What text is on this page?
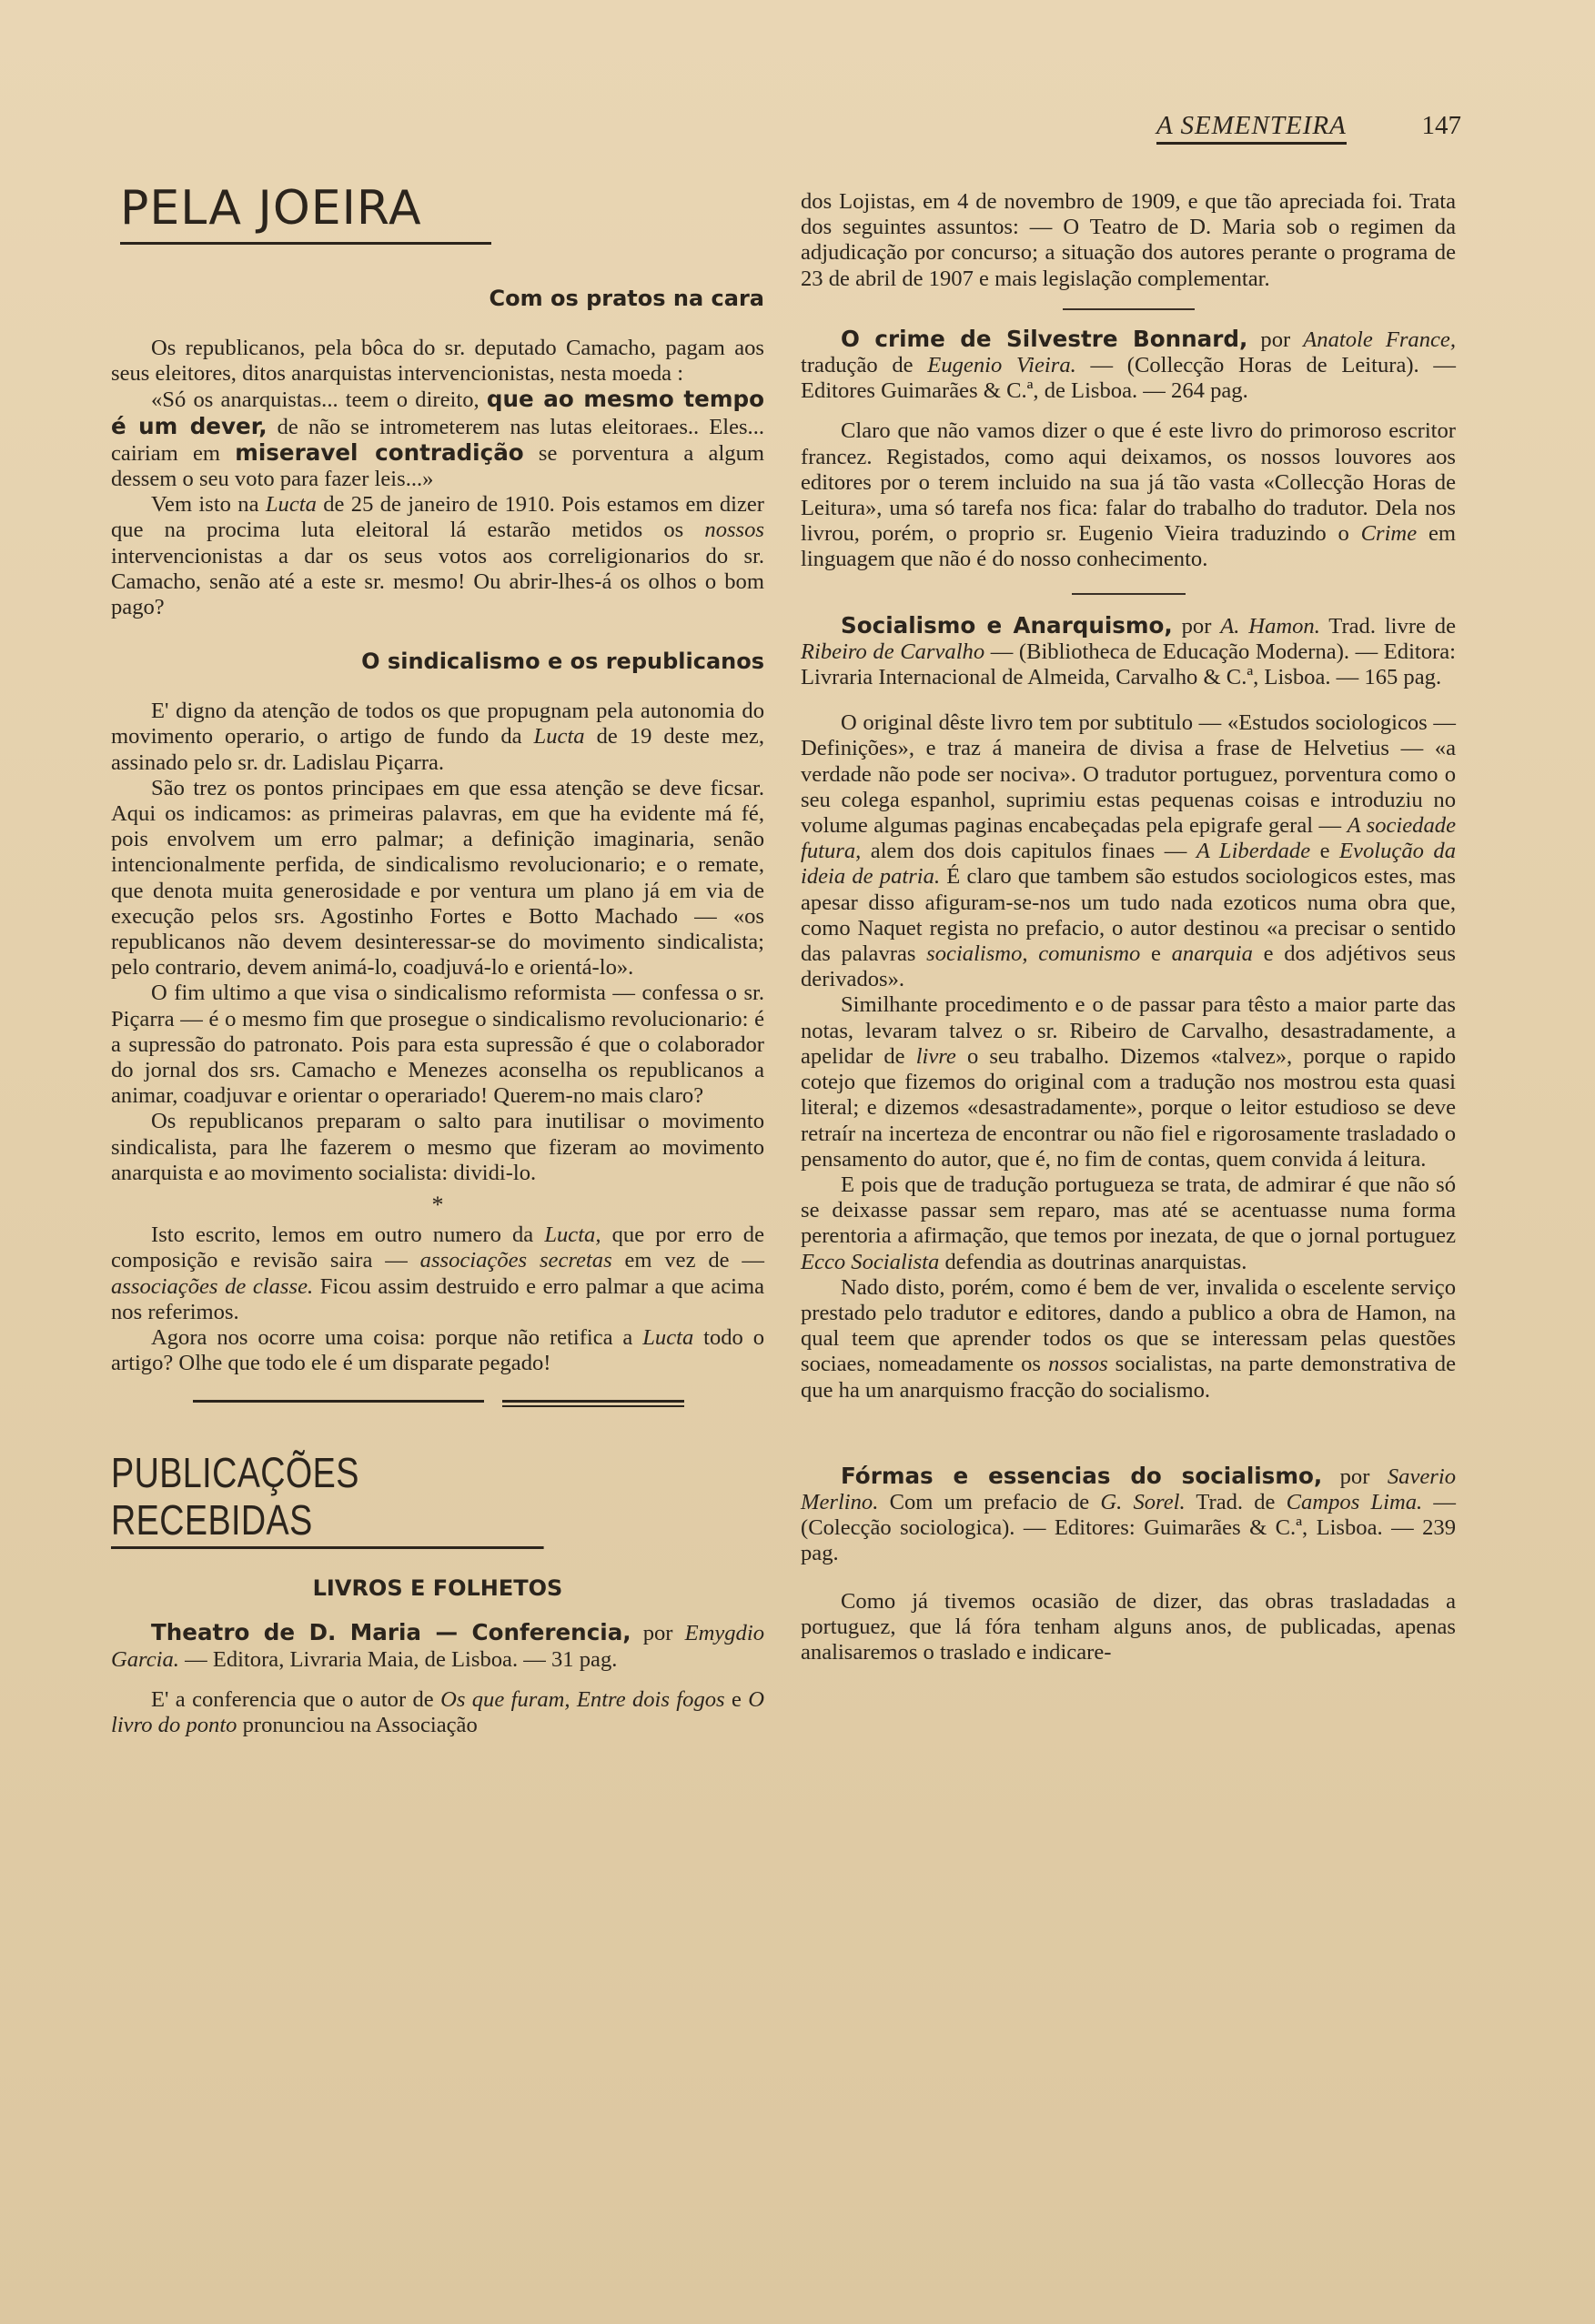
A SEMENTEIRA	147
PELA JOEIRA
Com os pratos na cara

Os republicanos, pela bôca do sr. deputado Camacho, pagam aos seus eleitores, ditos anarquistas intervencionistas, nesta moeda :

«Só os anarquistas... teem o direito, que ao mesmo tempo é um dever, de não se intrometerem nas lutas eleitoraes.. Eles... cairiam em miseravel contradição se porventura a algum dessem o seu voto para fazer leis...»

Vem isto na Lucta de 25 de janeiro de 1910. Pois estamos em dizer que na procima luta eleitoral lá estarão metidos os nossos intervencionistas a dar os seus votos aos correligionarios do sr. Camacho, senão até a este sr. mesmo! Ou abrir-lhes-á os olhos o bom pago?

O sindicalismo e os republicanos

E' digno da atenção de todos os que propugnam pela autonomia do movimento operario, o artigo de fundo da Lucta de 19 deste mez, assinado pelo sr. dr. Ladislau Piçarra.

São trez os pontos principaes em que essa atenção se deve ficsar. Aqui os indicamos: as primeiras palavras, em que ha evidente má fé, pois envolvem um erro palmar; a definição imaginaria, senão intencionalmente perfida, de sindicalismo revolucionario; e o remate, que denota muita generosidade e por ventura um plano já em via de execução pelos srs. Agostinho Fortes e Botto Machado — «os republicanos não devem desinteressar-se do movimento sindicalista; pelo contrario, devem animá-lo, coadjuvá-lo e orientá-lo».

O fim ultimo a que visa o sindicalismo reformista — confessa o sr. Piçarra — é o mesmo fim que prosegue o sindicalismo revolucionario: é a supressão do patronato. Pois para esta supressão é que o colaborador do jornal dos srs. Camacho e Menezes aconselha os republicanos a animar, coadjuvar e orientar o operariado! Querem-no mais claro?

Os republicanos preparam o salto para inutilisar o movimento sindicalista, para lhe fazerem o mesmo que fizeram ao movimento anarquista e ao movimento socialista: dividi-lo.

*

Isto escrito, lemos em outro numero da Lucta, que por erro de composição e revisão saira — associações secretas em vez de — associações de classe. Ficou assim destruido e erro palmar a que acima nos referimos.

Agora nos ocorre uma coisa: porque não retifica a Lucta todo o artigo? Olhe que todo ele é um disparate pegado!

PUBLICAÇÕES RECEBIDAS
LIVROS E FOLHETOS

Theatro de D. Maria — Conferencia, por Emygdio Garcia. — Editora, Livraria Maia, de Lisboa. — 31 pag.

E' a conferencia que o autor de Os que furam, Entre dois fogos e O livro do ponto pronunciou na Associação

dos Lojistas, em 4 de novembro de 1909, e que tão apreciada foi. Trata dos seguintes assuntos: — O Teatro de D. Maria sob o regimen da adjudicação por concurso; a situação dos autores perante o programa de 23 de abril de 1907 e mais legislação complementar.

O crime de Silvestre Bonnard, por Anatole France, tradução de Eugenio Vieira. — (Collecção Horas de Leitura). — Editores Guimarães & C.ª, de Lisboa. — 264 pag.

Claro que não vamos dizer o que é este livro do primoroso escritor francez. Registados, como aqui deixamos, os nossos louvores aos editores por o terem incluido na sua já tão vasta «Collecção Horas de Leitura», uma só tarefa nos fica: falar do trabalho do tradutor. Dela nos livrou, porém, o proprio sr. Eugenio Vieira traduzindo o Crime em linguagem que não é do nosso conhecimento.

Socialismo e Anarquismo, por A. Hamon. Trad. livre de Ribeiro de Carvalho — (Bibliotheca de Educação Moderna). — Editora: Livraria Internacional de Almeida, Carvalho & C.ª, Lisboa. — 165 pag.

O original dêste livro tem por subtitulo — «Estudos sociologicos — Definições», e traz á maneira de divisa a frase de Helvetius — «a verdade não pode ser nociva». O tradutor portuguez, porventura como o seu colega espanhol, suprimiu estas pequenas coisas e introduziu no volume algumas paginas encabeçadas pela epigrafe geral — A sociedade futura, alem dos dois capitulos finaes — A Liberdade e Evolução da ideia de patria. É claro que tambem são estudos sociologicos estes, mas apesar disso afiguram-se-nos um tudo nada ezoticos numa obra que, como Naquet regista no prefacio, o autor destinou «a precisar o sentido das palavras socialismo, comunismo e anarquia e dos adjétivos seus derivados».

Similhante procedimento e o de passar para têsto a maior parte das notas, levaram talvez o sr. Ribeiro de Carvalho, desastradamente, a apelidar de livre o seu trabalho. Dizemos «talvez», porque o rapido cotejo que fizemos do original com a tradução nos mostrou esta quasi literal; e dizemos «desastradamente», porque o leitor estudioso se deve retraír na incerteza de encontrar ou não fiel e rigorosamente trasladado o pensamento do autor, que é, no fim de contas, quem convida á leitura.

E pois que de tradução portugueza se trata, de admirar é que não só se deixasse passar sem reparo, mas até se acentuasse numa forma perentoria a afirmação, que temos por inezata, de que o jornal portuguez Ecco Socialista defendia as doutrinas anarquistas.

Nado disto, porém, como é bem de ver, invalida o escelente serviço prestado pelo tradutor e editores, dando a publico a obra de Hamon, na qual teem que aprender todos os que se interessam pelas questões sociaes, nomeadamente os nossos socialistas, na parte demonstrativa de que ha um anarquismo fracção do socialismo.

Fórmas e essencias do socialismo, por Saverio Merlino. Com um prefacio de G. Sorel. Trad. de Campos Lima. — (Colecção sociologica). — Editores: Guimarães & C.ª, Lisboa. — 239 pag.

Como já tivemos ocasião de dizer, das obras trasladadas a portuguez, que lá fóra tenham alguns anos, de publicadas, apenas analisaremos o traslado e indicare-
